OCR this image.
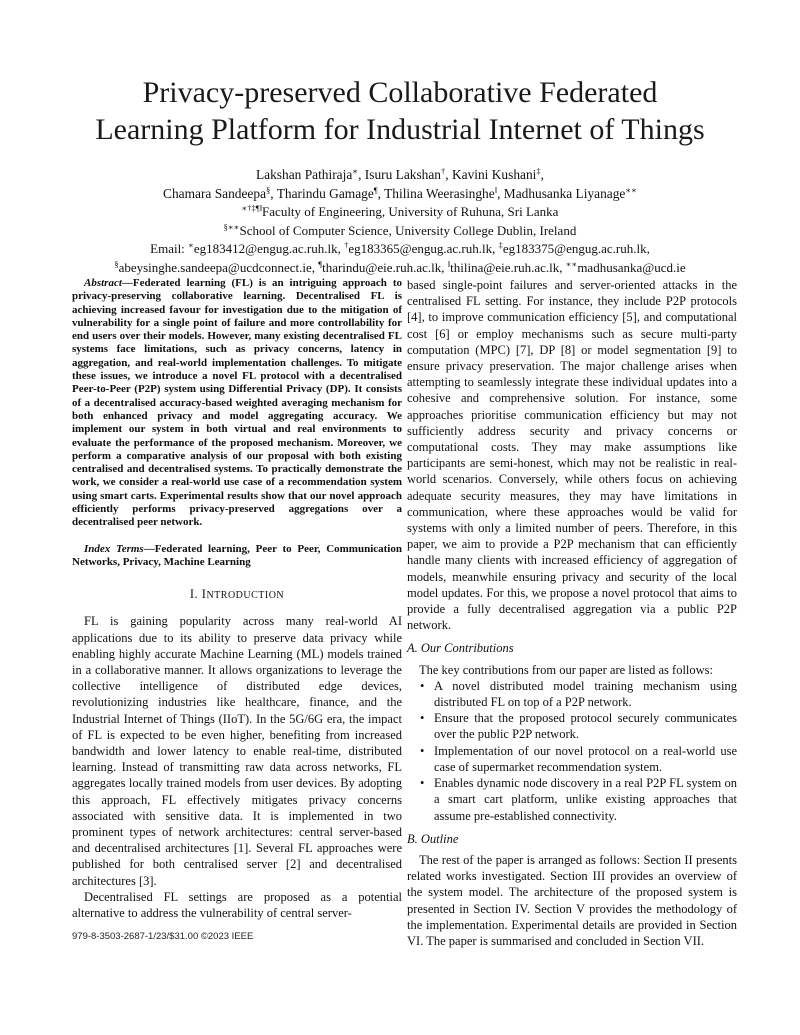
Privacy-preserved Collaborative Federated
Learning Platform for Industrial Internet of Things
Lakshan Pathiraja∗, Isuru Lakshan†, Kavini Kushani‡,
Chamara Sandeepa§, Tharindu Gamage¶, Thilina Weerasinghe‖, Madhusanka Liyanage∗∗
∗†‡¶‖Faculty of Engineering, University of Ruhuna, Sri Lanka
§∗∗School of Computer Science, University College Dublin, Ireland
Email: ∗eg183412@engug.ac.ruh.lk, †eg183365@engug.ac.ruh.lk, ‡eg183375@engug.ac.ruh.lk,
§abeysinghe.sandeepa@ucdconnect.ie, ¶tharindu@eie.ruh.ac.lk, ‖thilina@eie.ruh.ac.lk, ∗∗madhusanka@ucd.ie

Abstract—Federated learning (FL) is an intriguing approach to privacy-preserving collaborative learning. Decentralised FL is achieving increased favour for investigation due to the mitigation of vulnerability for a single point of failure and more controllability for end users over their models. However, many existing decentralised FL systems face limitations, such as privacy concerns, latency in aggregation, and real-world implementation challenges. To mitigate these issues, we introduce a novel FL protocol with a decentralised Peer-to-Peer (P2P) system using Differential Privacy (DP). It consists of a decentralised accuracy-based weighted averaging mechanism for both enhanced privacy and model aggregating accuracy. We implement our system in both virtual and real environments to evaluate the performance of the proposed mechanism. Moreover, we perform a comparative analysis of our proposal with both existing centralised and decentralised systems. To practically demonstrate the work, we consider a real-world use case of a recommendation system using smart carts. Experimental results show that our novel approach efficiently performs privacy-preserved aggregations over a decentralised peer network.

Index Terms—Federated learning, Peer to Peer, Communication Networks, Privacy, Machine Learning

I. INTRODUCTION

FL is gaining popularity across many real-world AI applications due to its ability to preserve data privacy while enabling highly accurate Machine Learning (ML) models trained in a collaborative manner. It allows organizations to leverage the collective intelligence of distributed edge devices, revolutionizing industries like healthcare, finance, and the Industrial Internet of Things (IIoT). In the 5G/6G era, the impact of FL is expected to be even higher, benefiting from increased bandwidth and lower latency to enable real-time, distributed learning. Instead of transmitting raw data across networks, FL aggregates locally trained models from user devices. By adopting this approach, FL effectively mitigates privacy concerns associated with sensitive data. It is implemented in two prominent types of network architectures: central server-based and decentralised architectures [1]. Several FL approaches were published for both centralised server [2] and decentralised architectures [3].

Decentralised FL settings are proposed as a potential alternative to address the vulnerability of central server-

based single-point failures and server-oriented attacks in the centralised FL setting. For instance, they include P2P protocols [4], to improve communication efficiency [5], and computational cost [6] or employ mechanisms such as secure multi-party computation (MPC) [7], DP [8] or model segmentation [9] to ensure privacy preservation. The major challenge arises when attempting to seamlessly integrate these individual updates into a cohesive and comprehensive solution. For instance, some approaches prioritise communication efficiency but may not sufficiently address security and privacy concerns or computational costs. They may make assumptions like participants are semi-honest, which may not be realistic in real-world scenarios. Conversely, while others focus on achieving adequate security measures, they may have limitations in communication, where these approaches would be valid for systems with only a limited number of peers. Therefore, in this paper, we aim to provide a P2P mechanism that can efficiently handle many clients with increased efficiency of aggregation of models, meanwhile ensuring privacy and security of the local model updates. For this, we propose a novel protocol that aims to provide a fully decentralised aggregation via a public P2P network.

A. Our Contributions

The key contributions from our paper are listed as follows:

• A novel distributed model training mechanism using distributed FL on top of a P2P network.
• Ensure that the proposed protocol securely communicates over the public P2P network.
• Implementation of our novel protocol on a real-world use case of supermarket recommendation system.
• Enables dynamic node discovery in a real P2P FL system on a smart cart platform, unlike existing approaches that assume pre-established connectivity.
B. Outline

The rest of the paper is arranged as follows: Section II presents related works investigated. Section III provides an overview of the system model. The architecture of the proposed system is presented in Section IV. Section V provides the methodology of the implementation. Experimental details are provided in Section VI. The paper is summarised and concluded in Section VII.

979-8-3503-2687-1/23/$31.00 ©2023 IEEE
